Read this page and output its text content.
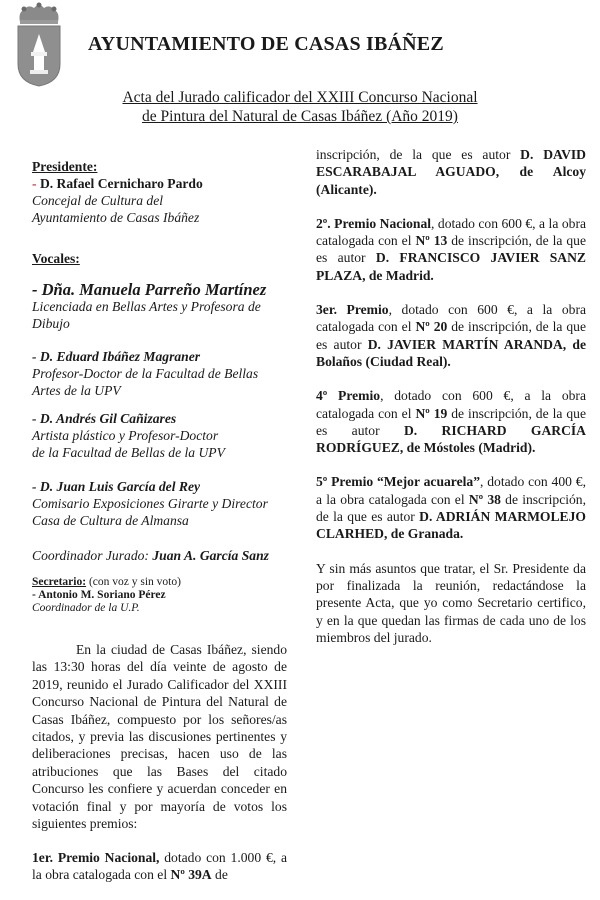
AYUNTAMIENTO DE CASAS IBÁÑEZ
Acta del Jurado calificador del XXIII Concurso Nacional
de Pintura del Natural de Casas Ibáñez (Año 2019)
Presidente:
- D. Rafael Cernicharo Pardo
Concejal de Cultura del
Ayuntamiento de Casas Ibáñez
Vocales:
- Dña. Manuela Parreño Martínez
Licenciada en Bellas Artes y Profesora de
Dibujo
- D. Eduard Ibáñez Magraner
Profesor-Doctor de la Facultad de Bellas
Artes de la UPV
- D. Andrés Gil Cañizares
Artista plástico y Profesor-Doctor
de la Facultad de Bellas de la UPV
- D. Juan Luis García del Rey
Comisario Exposiciones Girarte y Director
Casa de Cultura de Almansa
Coordinador Jurado: Juan A. García Sanz
Secretario: (con voz y sin voto)
- Antonio M. Soriano Pérez
Coordinador de la U.P.

En la ciudad de Casas Ibáñez, siendo las 13:30 horas del día veinte de agosto de 2019, reunido el Jurado Calificador del XXIII Concurso Nacional de Pintura del Natural de Casas Ibáñez, compuesto por los señores/as citados, y previa las discusiones pertinentes y deliberaciones precisas, hacen uso de las atribuciones que las Bases del citado Concurso les confiere y acuerdan conceder en votación final y por mayoría de votos los siguientes premios:

1er. Premio Nacional, dotado con 1.000 €, a la obra catalogada con el Nº 39A de

inscripción, de la que es autor D. DAVID ESCARABAJAL AGUADO, de Alcoy (Alicante).

2º. Premio Nacional, dotado con 600 €, a la obra catalogada con el Nº 13 de inscripción, de la que es autor D. FRANCISCO JAVIER SANZ PLAZA, de Madrid.

3er. Premio, dotado con 600 €, a la obra catalogada con el Nº 20 de inscripción, de la que es autor D. JAVIER MARTÍN ARANDA, de Bolaños (Ciudad Real).

4º Premio, dotado con 600 €, a la obra catalogada con el Nº 19 de inscripción, de la que es autor D. RICHARD GARCÍA RODRÍGUEZ, de Móstoles (Madrid).

5º Premio “Mejor acuarela”, dotado con 400 €, a la obra catalogada con el Nº 38 de inscripción, de la que es autor D. ADRIÁN MARMOLEJO CLARHED, de Granada.

Y sin más asuntos que tratar, el Sr. Presidente da por finalizada la reunión, redactándose la presente Acta, que yo como Secretario certifico, y en la que quedan las firmas de cada uno de los miembros del jurado.
